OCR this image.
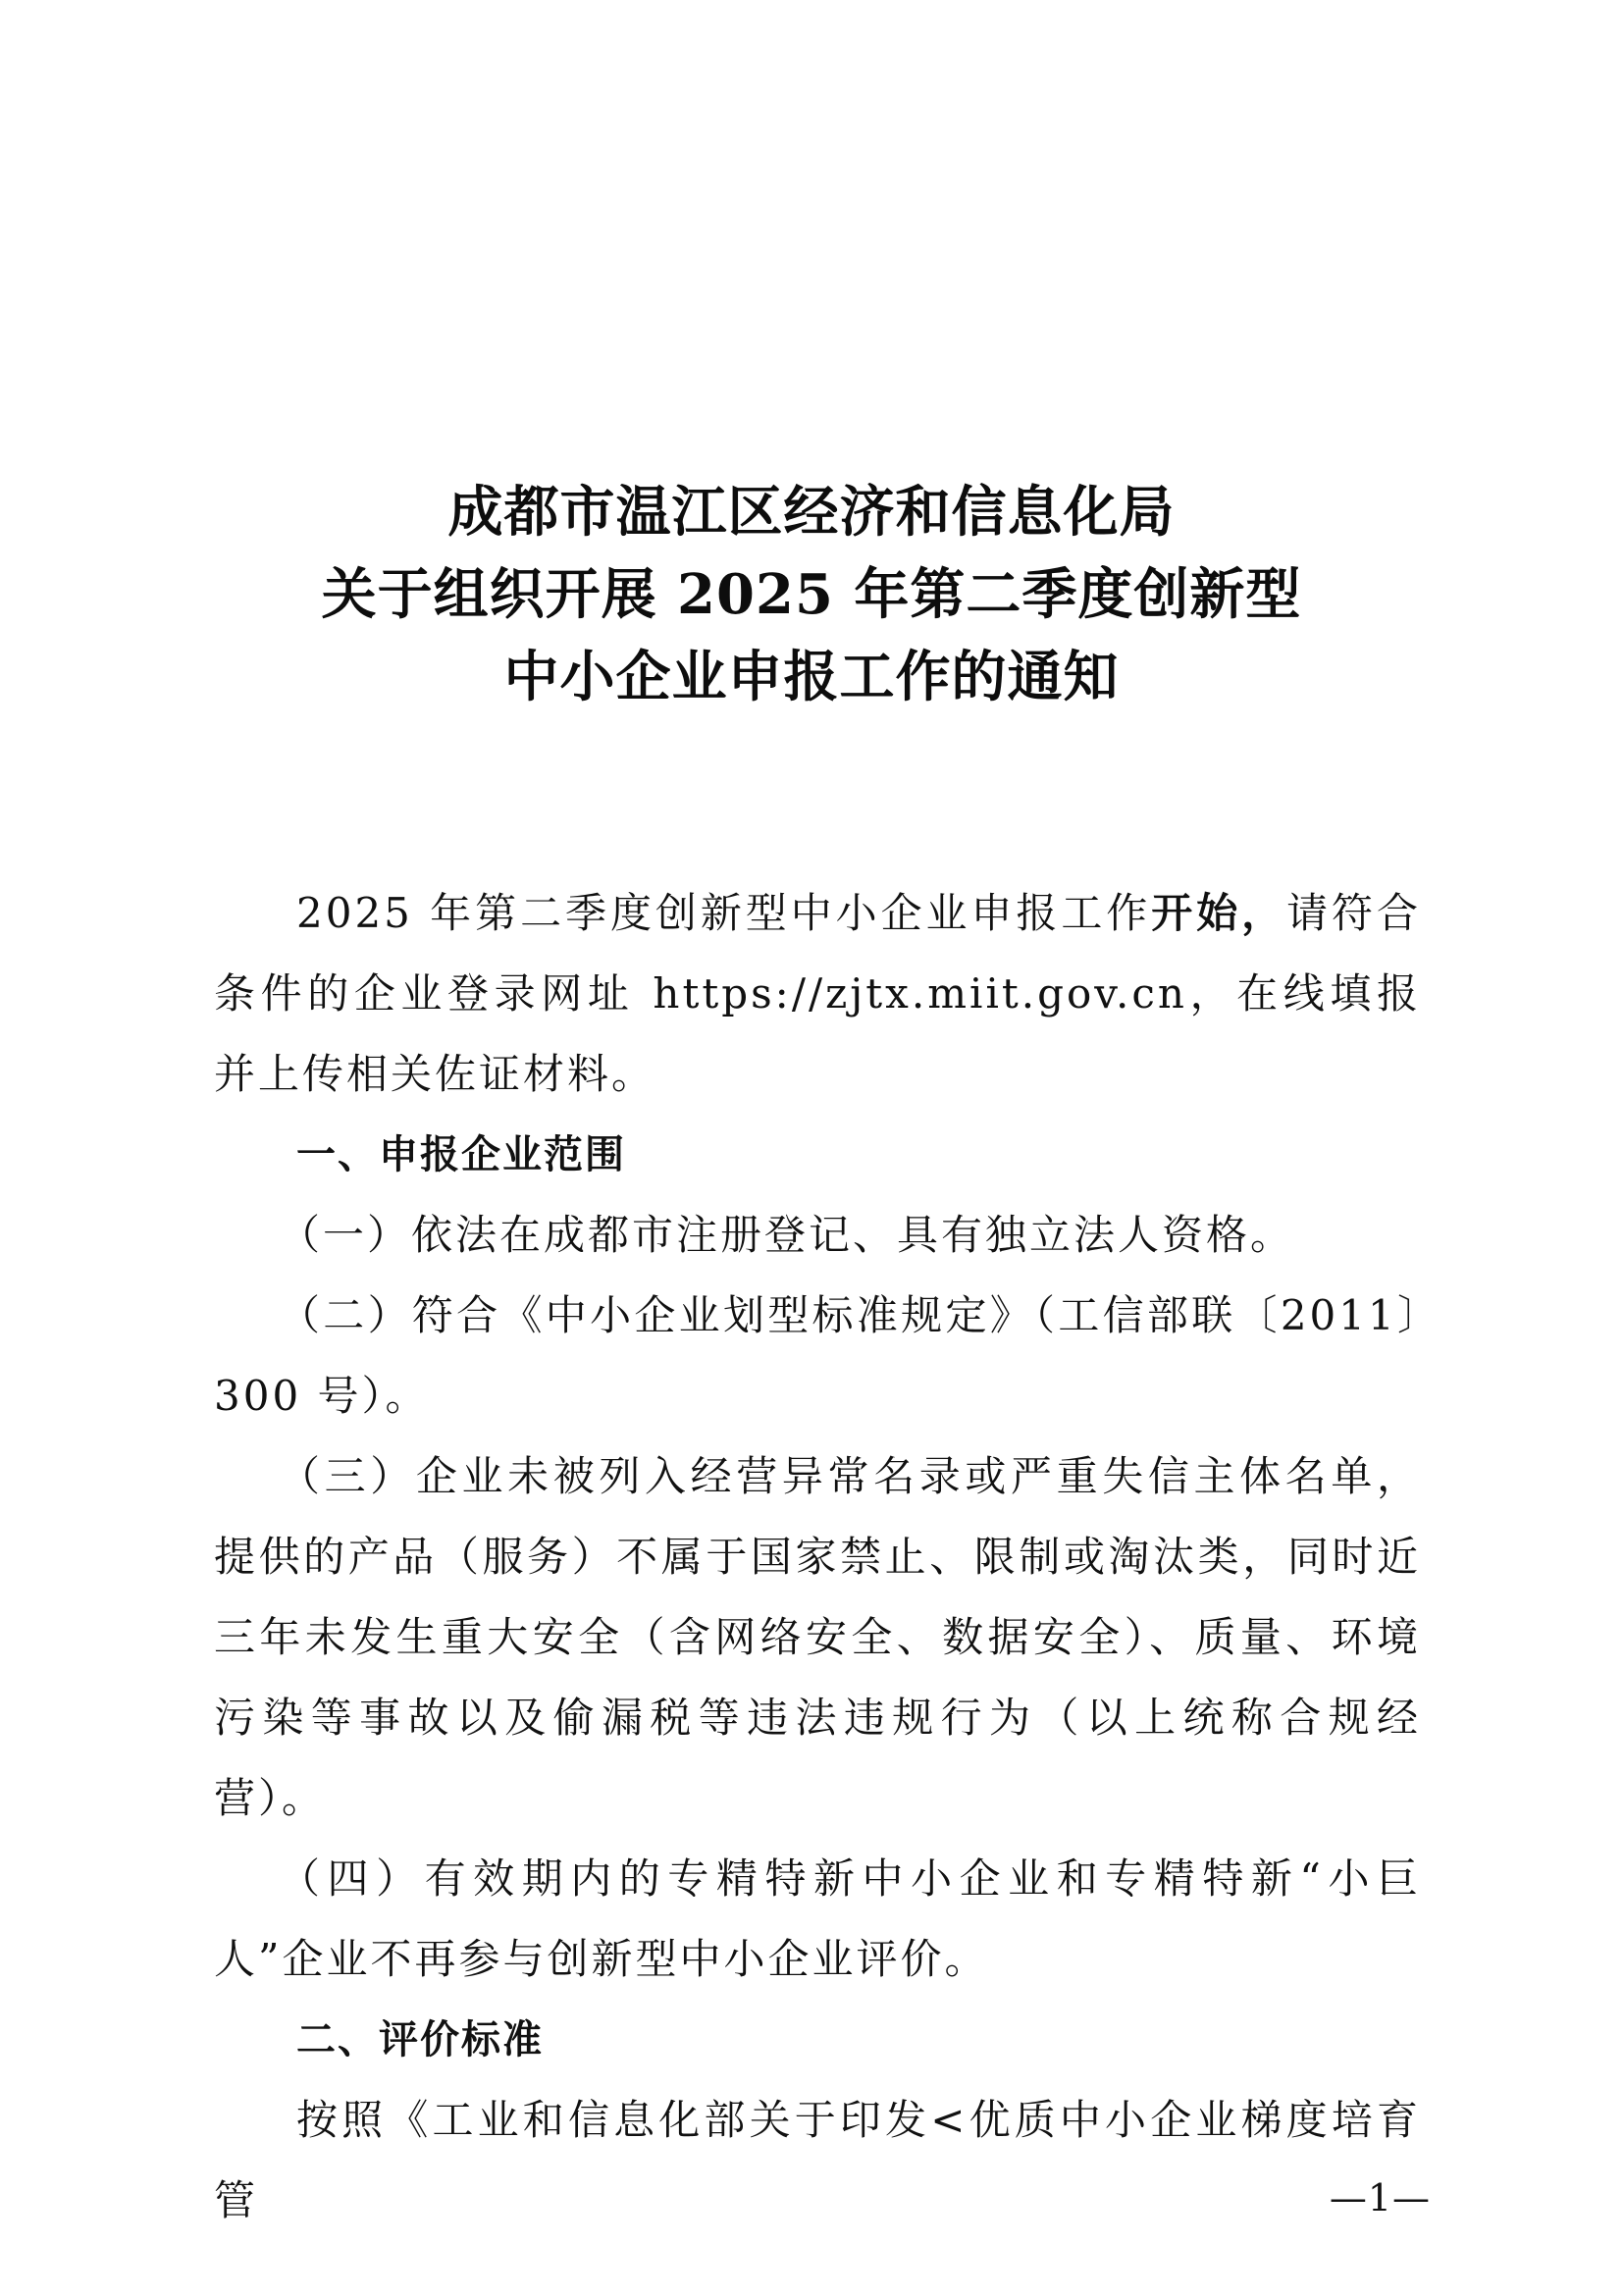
成都市温江区经济和信息化局
关于组织开展 2025 年第二季度创新型
中小企业申报工作的通知

2025 年第二季度创新型中小企业申报工作开始，请符合条件的企业登录网址 https://zjtx.miit.gov.cn，在线填报并上传相关佐证材料。

一、申报企业范围

（一）依法在成都市注册登记、具有独立法人资格。

（二）符合《中小企业划型标准规定》（工信部联〔2011〕300 号）。

（三）企业未被列入经营异常名录或严重失信主体名单，提供的产品（服务）不属于国家禁止、限制或淘汰类，同时近三年未发生重大安全（含网络安全、数据安全）、质量、环境污染等事故以及偷漏税等违法违规行为（以上统称合规经营）。

（四）有效期内的专精特新中小企业和专精特新“小巨人”企业不再参与创新型中小企业评价。

二、评价标准

按照《工业和信息化部关于印发<优质中小企业梯度培育管	—1—
